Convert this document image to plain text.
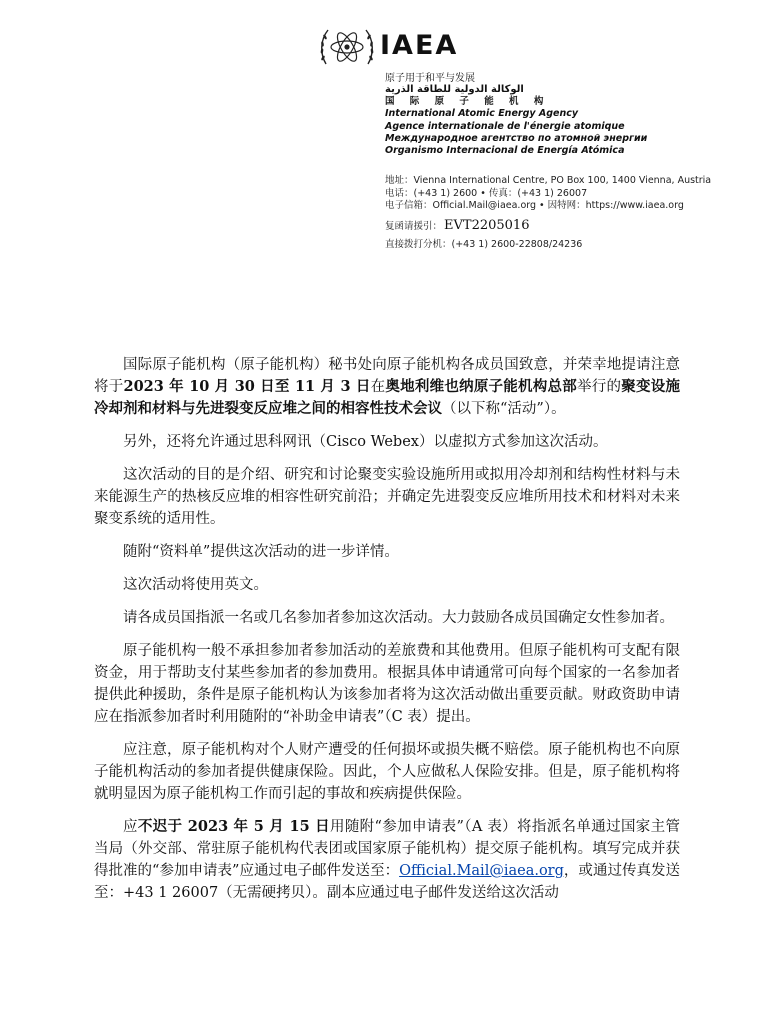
IAEA
原子用于和平与发展
الوكالة الدولية للطاقة الذرية
国 际 原 子 能 机 构
International Atomic Energy Agency
Agence internationale de l'énergie atomique
Международное агентство по атомной энергии
Organismo Internacional de Energía Atómica
地址：Vienna International Centre, PO Box 100, 1400 Vienna, Austria
电话：(+43 1) 2600 • 传真：(+43 1) 26007
电子信箱：Official.Mail@iaea.org • 因特网：https://www.iaea.org
复函请援引： EVT2205016
直接拨打分机：(+43 1) 2600-22808/24236

国际原子能机构（原子能机构）秘书处向原子能机构各成员国致意，并荣幸地提请注意将于2023 年 10 月 30 日至 11 月 3 日在奥地利维也纳原子能机构总部举行的聚变设施冷却剂和材料与先进裂变反应堆之间的相容性技术会议（以下称“活动”）。

另外，还将允许通过思科网讯（Cisco Webex）以虚拟方式参加这次活动。

这次活动的目的是介绍、研究和讨论聚变实验设施所用或拟用冷却剂和结构性材料与未来能源生产的热核反应堆的相容性研究前沿；并确定先进裂变反应堆所用技术和材料对未来聚变系统的适用性。

随附“资料单”提供这次活动的进一步详情。

这次活动将使用英文。

请各成员国指派一名或几名参加者参加这次活动。大力鼓励各成员国确定女性参加者。

原子能机构一般不承担参加者参加活动的差旅费和其他费用。但原子能机构可支配有限资金，用于帮助支付某些参加者的参加费用。根据具体申请通常可向每个国家的一名参加者提供此种援助，条件是原子能机构认为该参加者将为这次活动做出重要贡献。财政资助申请应在指派参加者时利用随附的“补助金申请表”（C 表）提出。

应注意，原子能机构对个人财产遭受的任何损坏或损失概不赔偿。原子能机构也不向原子能机构活动的参加者提供健康保险。因此，个人应做私人保险安排。但是，原子能机构将就明显因为原子能机构工作而引起的事故和疾病提供保险。

应不迟于 2023 年 5 月 15 日用随附“参加申请表”（A 表）将指派名单通过国家主管当局（外交部、常驻原子能机构代表团或国家原子能机构）提交原子能机构。填写完成并获得批准的“参加申请表”应通过电子邮件发送至：Official.Mail@iaea.org，或通过传真发送至：+43 1 26007（无需硬拷贝）。副本应通过电子邮件发送给这次活动
